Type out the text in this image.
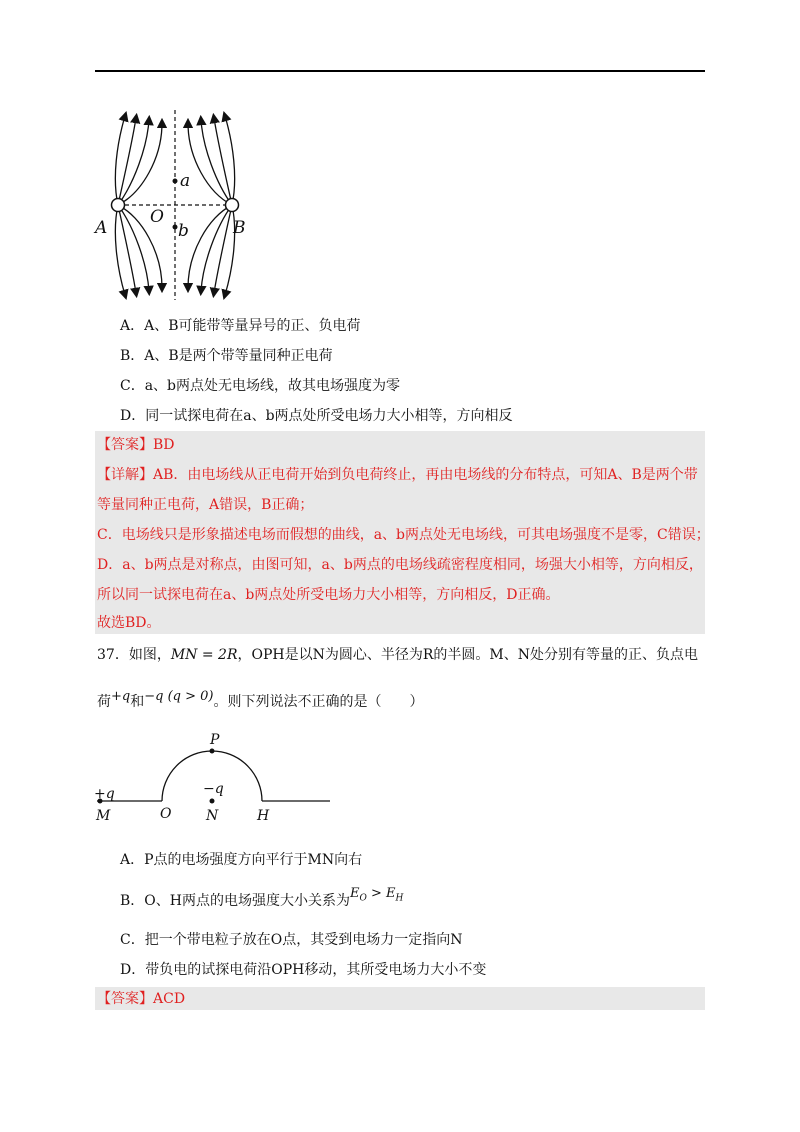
A	B
O
a
b
A．A、B可能带等量异号的正、负电荷
B．A、B是两个带等量同种正电荷
C．a、b两点处无电场线，故其电场强度为零
D．同一试探电荷在a、b两点处所受电场力大小相等，方向相反
【答案】BD
【详解】AB．由电场线从正电荷开始到负电荷终止，再由电场线的分布特点，可知A、B是两个带
等量同种正电荷，A错误，B正确；
C．电场线只是形象描述电场而假想的曲线，a、b两点处无电场线，可其电场强度不是零，C错误；
D．a、b两点是对称点，由图可知，a、b两点的电场线疏密程度相同，场强大小相等，方向相反，
所以同一试探电荷在a、b两点处所受电场力大小相等，方向相反，D正确。
故选BD。
37．如图，MN = 2R，OPH是以N为圆心、半径为R的半圆。M、N处分别有等量的正、负点电
荷+q和−q (q > 0)。则下列说法不正确的是（　　）
+q
M	O
P
−q
N	H
A．P点的电场强度方向平行于MN向右
B．O、H两点的电场强度大小关系为$E_O > E_H$
C．把一个带电粒子放在O点，其受到电场力一定指向N
D．带负电的试探电荷沿OPH移动，其所受电场力大小不变
【答案】ACD
